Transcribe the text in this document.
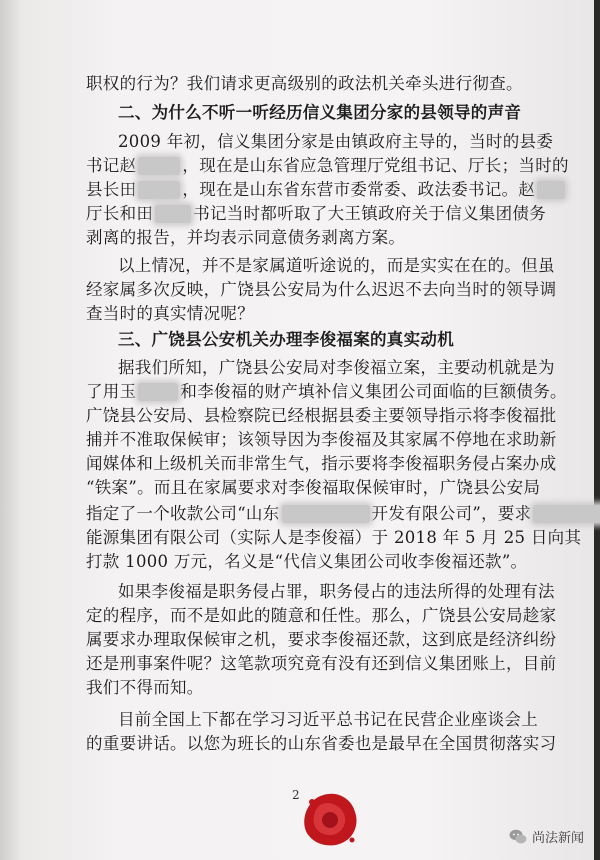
职权的行为？我们请求更高级别的政法机关牵头进行彻查。
二、为什么不听一听经历信义集团分家的县领导的声音
2009 年初，信义集团分家是由镇政府主导的，当时的县委
书记赵	，现在是山东省应急管理厅党组书记、厅长；当时的
县长田	，现在是山东省东营市委常委、政法委书记。赵
厅长和田 书记当时都听取了大王镇政府关于信义集团债务
剥离的报告，并均表示同意债务剥离方案。
以上情况，并不是家属道听途说的，而是实实在在的。但虽
经家属多次反映，广饶县公安局为什么迟迟不去向当时的领导调
查当时的真实情况呢？
三、广饶县公安机关办理李俊福案的真实动机
据我们所知，广饶县公安局对李俊福立案，主要动机就是为
了用玉	和李俊福的财产填补信义集团公司面临的巨额债务。
广饶县公安局、县检察院已经根据县委主要领导指示将李俊福批
捕并不准取保候审；该领导因为李俊福及其家属不停地在求助新
闻媒体和上级机关而非常生气，指示要将李俊福职务侵占案办成
“铁案”。而且在家属要求对李俊福取保候审时，广饶县公安局
指定了一个收款公司“山东	开发有限公司”，要求
能源集团有限公司（实际人是李俊福）于 2018 年 5 月 25 日向其
打款 1000 万元，名义是“代信义集团公司收李俊福还款”。
如果李俊福是职务侵占罪，职务侵占的违法所得的处理有法
定的程序，而不是如此的随意和任性。那么，广饶县公安局趁家
属要求办理取保候审之机，要求李俊福还款，这到底是经济纠纷
还是刑事案件呢？这笔款项究竟有没有还到信义集团账上，目前
我们不得而知。
目前全国上下都在学习习近平总书记在民营企业座谈会上
的重要讲话。以您为班长的山东省委也是最早在全国贯彻落实习
2
尚法新闻
